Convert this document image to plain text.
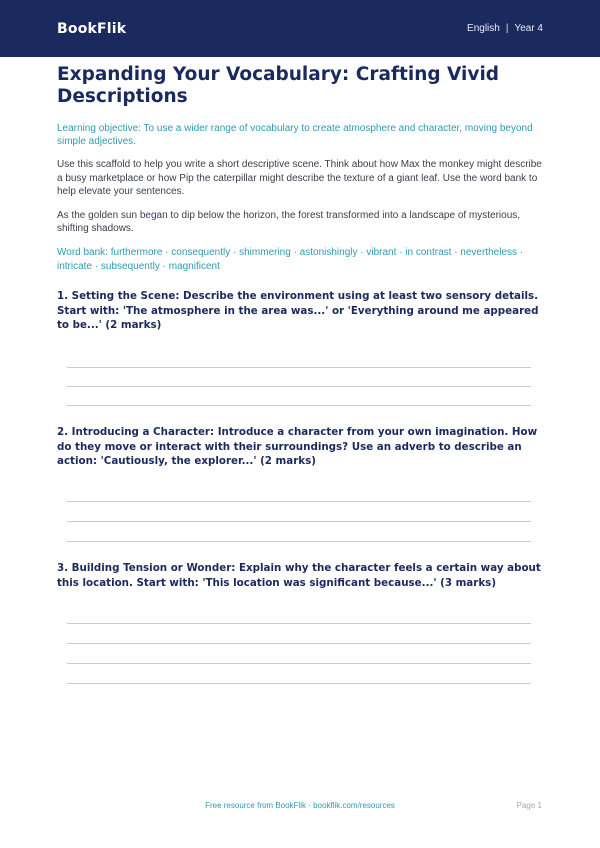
BookFlik	English | Year 4
Expanding Your Vocabulary: Crafting Vivid Descriptions

Learning objective: To use a wider range of vocabulary to create atmosphere and character, moving beyond simple adjectives.

Use this scaffold to help you write a short descriptive scene. Think about how Max the monkey might describe a busy marketplace or how Pip the caterpillar might describe the texture of a giant leaf. Use the word bank to help elevate your sentences.

As the golden sun began to dip below the horizon, the forest transformed into a landscape of mysterious, shifting shadows.

Word bank: furthermore · consequently · shimmering · astonishingly · vibrant · in contrast · nevertheless · intricate · subsequently · magnificent

1. Setting the Scene: Describe the environment using at least two sensory details. Start with: 'The atmosphere in the area was...' or 'Everything around me appeared to be...' (2 marks)

2. Introducing a Character: Introduce a character from your own imagination. How do they move or interact with their surroundings? Use an adverb to describe an action: 'Cautiously, the explorer...' (2 marks)

3. Building Tension or Wonder: Explain why the character feels a certain way about this location. Start with: 'This location was significant because...' (3 marks)

Free resource from BookFlik · bookflik.com/resources	Page 1
